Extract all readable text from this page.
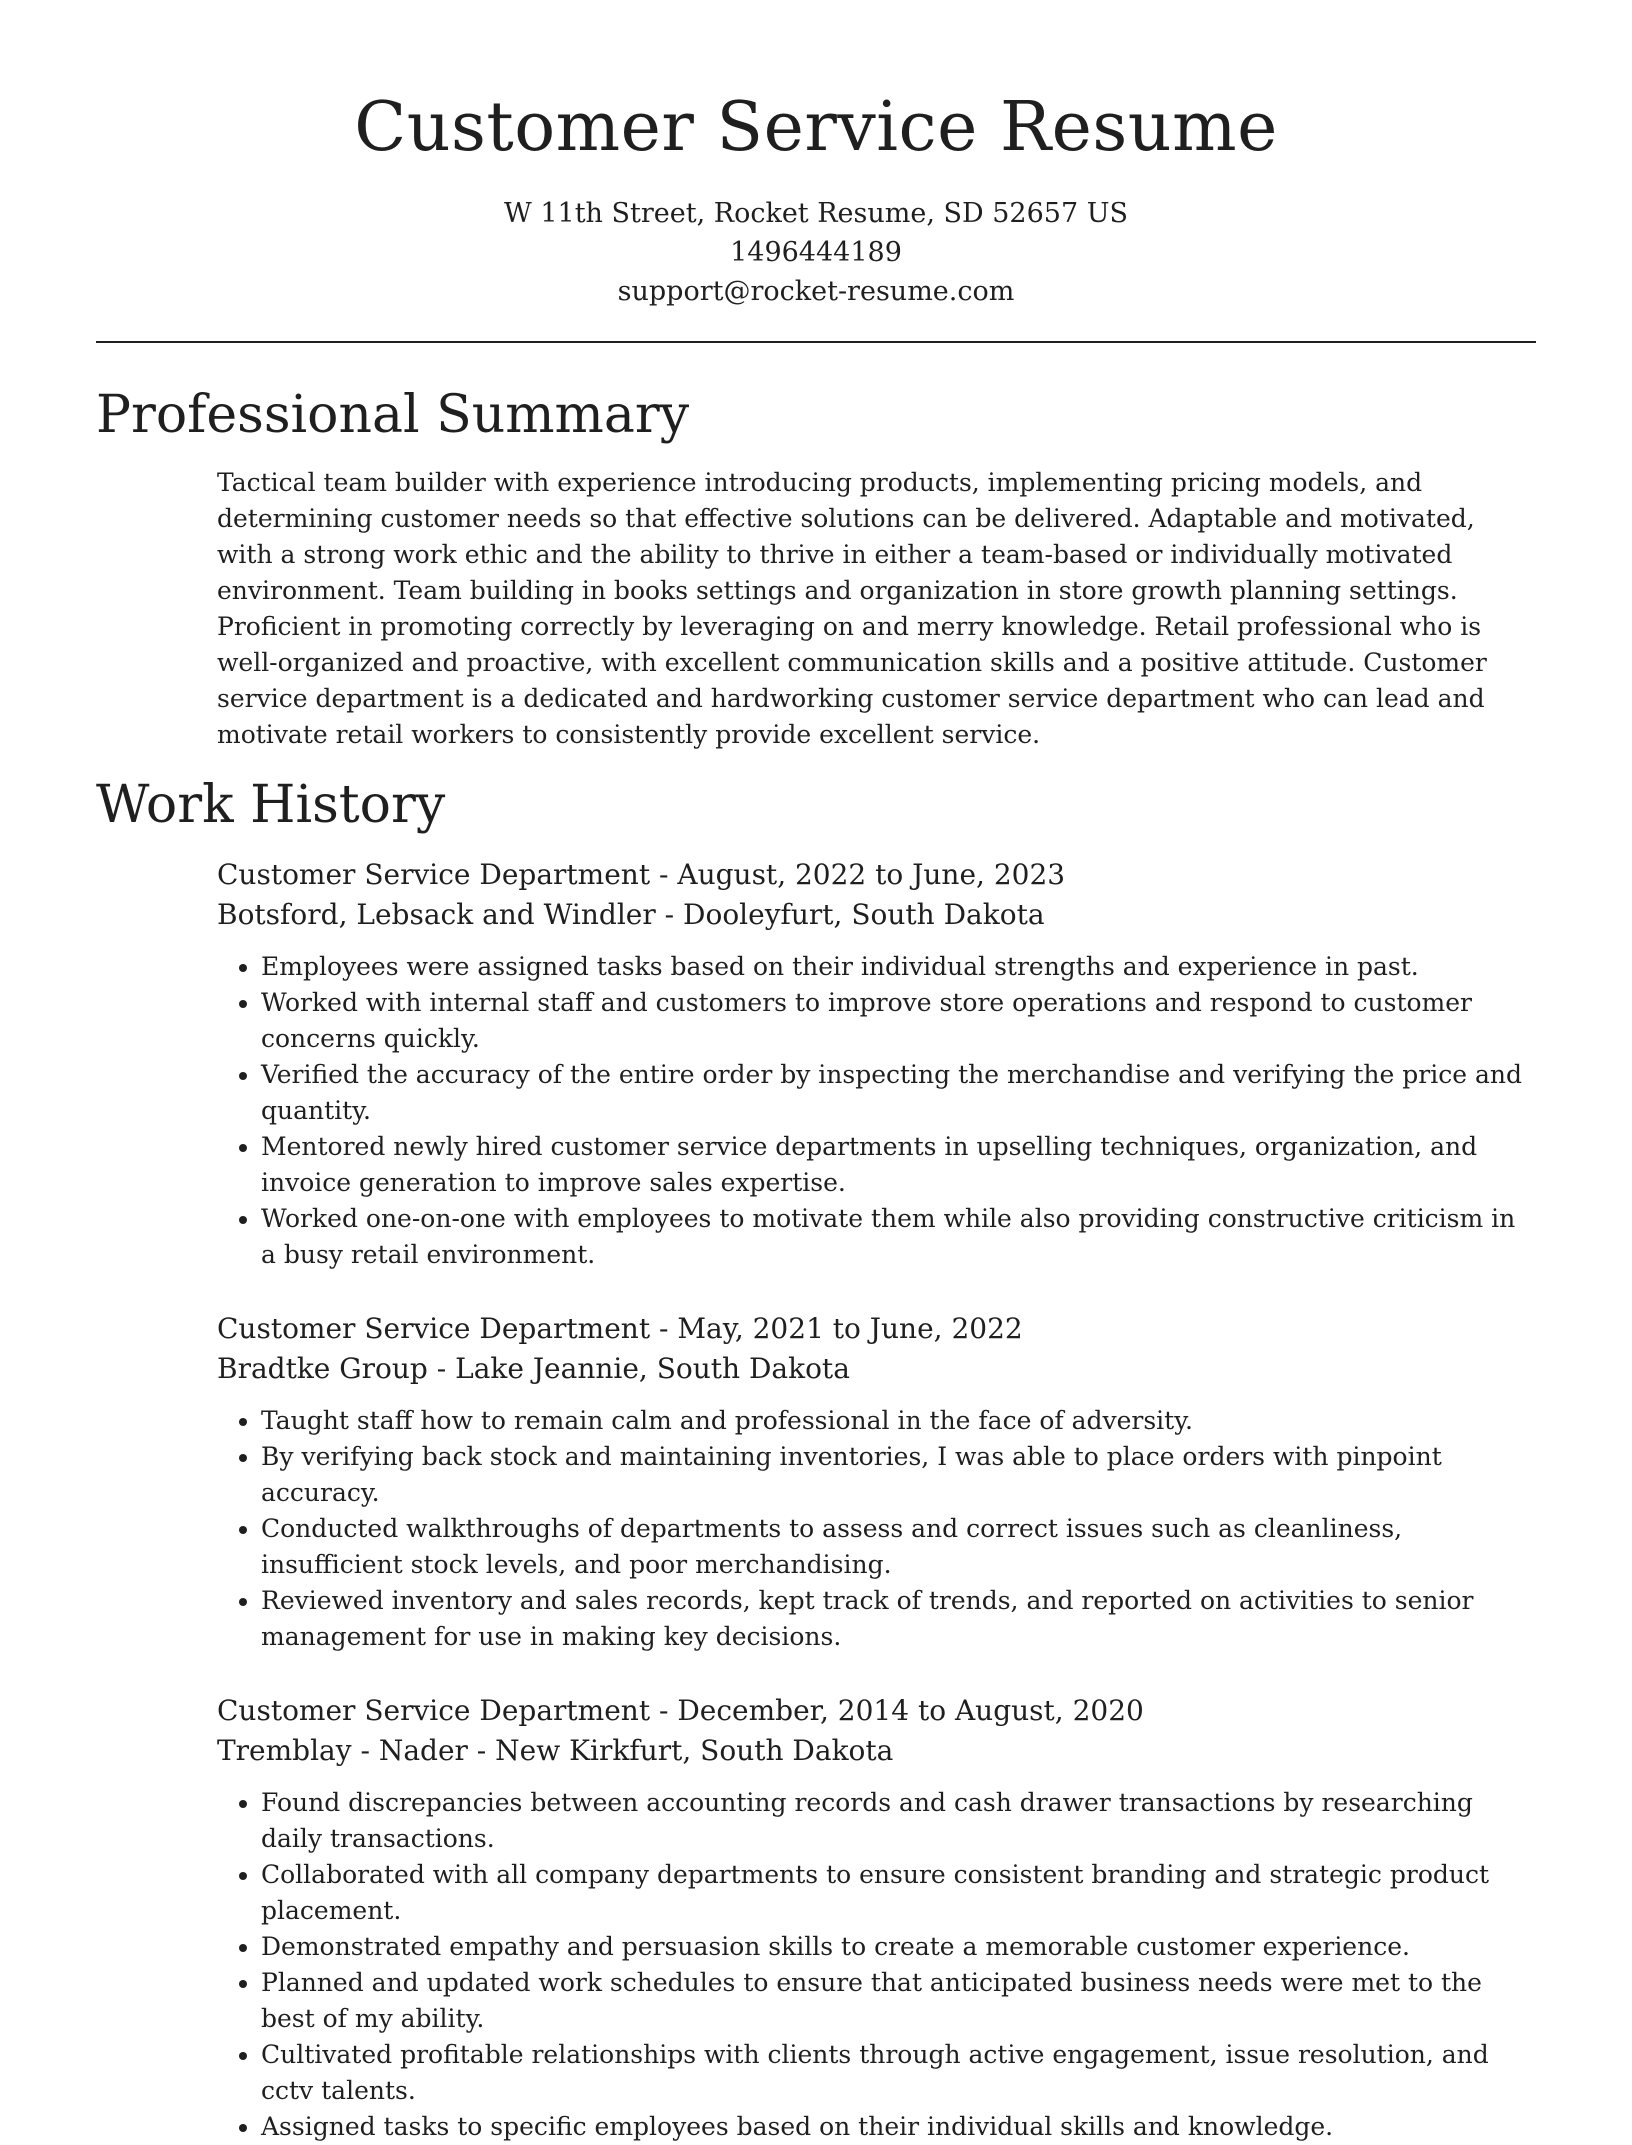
Customer Service Resume
W 11th Street, Rocket Resume, SD 52657 US
1496444189
support@rocket-resume.com
Professional Summary
Tactical team builder with experience introducing products, implementing pricing models, and determining customer needs so that effective solutions can be delivered. Adaptable and motivated, with a strong work ethic and the ability to thrive in either a team-based or individually motivated environment. Team building in books settings and organization in store growth planning settings. Proficient in promoting correctly by leveraging on and merry knowledge. Retail professional who is well-organized and proactive, with excellent communication skills and a positive attitude. Customer service department is a dedicated and hardworking customer service department who can lead and motivate retail workers to consistently provide excellent service.
Work History
Customer Service Department - August, 2022 to June, 2023
Botsford, Lebsack and Windler - Dooleyfurt, South Dakota
• Employees were assigned tasks based on their individual strengths and experience in past.
• Worked with internal staff and customers to improve store operations and respond to customer concerns quickly.
• Verified the accuracy of the entire order by inspecting the merchandise and verifying the price and quantity.
• Mentored newly hired customer service departments in upselling techniques, organization, and invoice generation to improve sales expertise.
• Worked one-on-one with employees to motivate them while also providing constructive criticism in a busy retail environment.
Customer Service Department - May, 2021 to June, 2022
Bradtke Group - Lake Jeannie, South Dakota
• Taught staff how to remain calm and professional in the face of adversity.
• By verifying back stock and maintaining inventories, I was able to place orders with pinpoint accuracy.
• Conducted walkthroughs of departments to assess and correct issues such as cleanliness, insufficient stock levels, and poor merchandising.
• Reviewed inventory and sales records, kept track of trends, and reported on activities to senior management for use in making key decisions.
Customer Service Department - December, 2014 to August, 2020
Tremblay - Nader - New Kirkfurt, South Dakota
• Found discrepancies between accounting records and cash drawer transactions by researching daily transactions.
• Collaborated with all company departments to ensure consistent branding and strategic product placement.
• Demonstrated empathy and persuasion skills to create a memorable customer experience.
• Planned and updated work schedules to ensure that anticipated business needs were met to the best of my ability.
• Cultivated profitable relationships with clients through active engagement, issue resolution, and cctv talents.
• Assigned tasks to specific employees based on their individual skills and knowledge.
